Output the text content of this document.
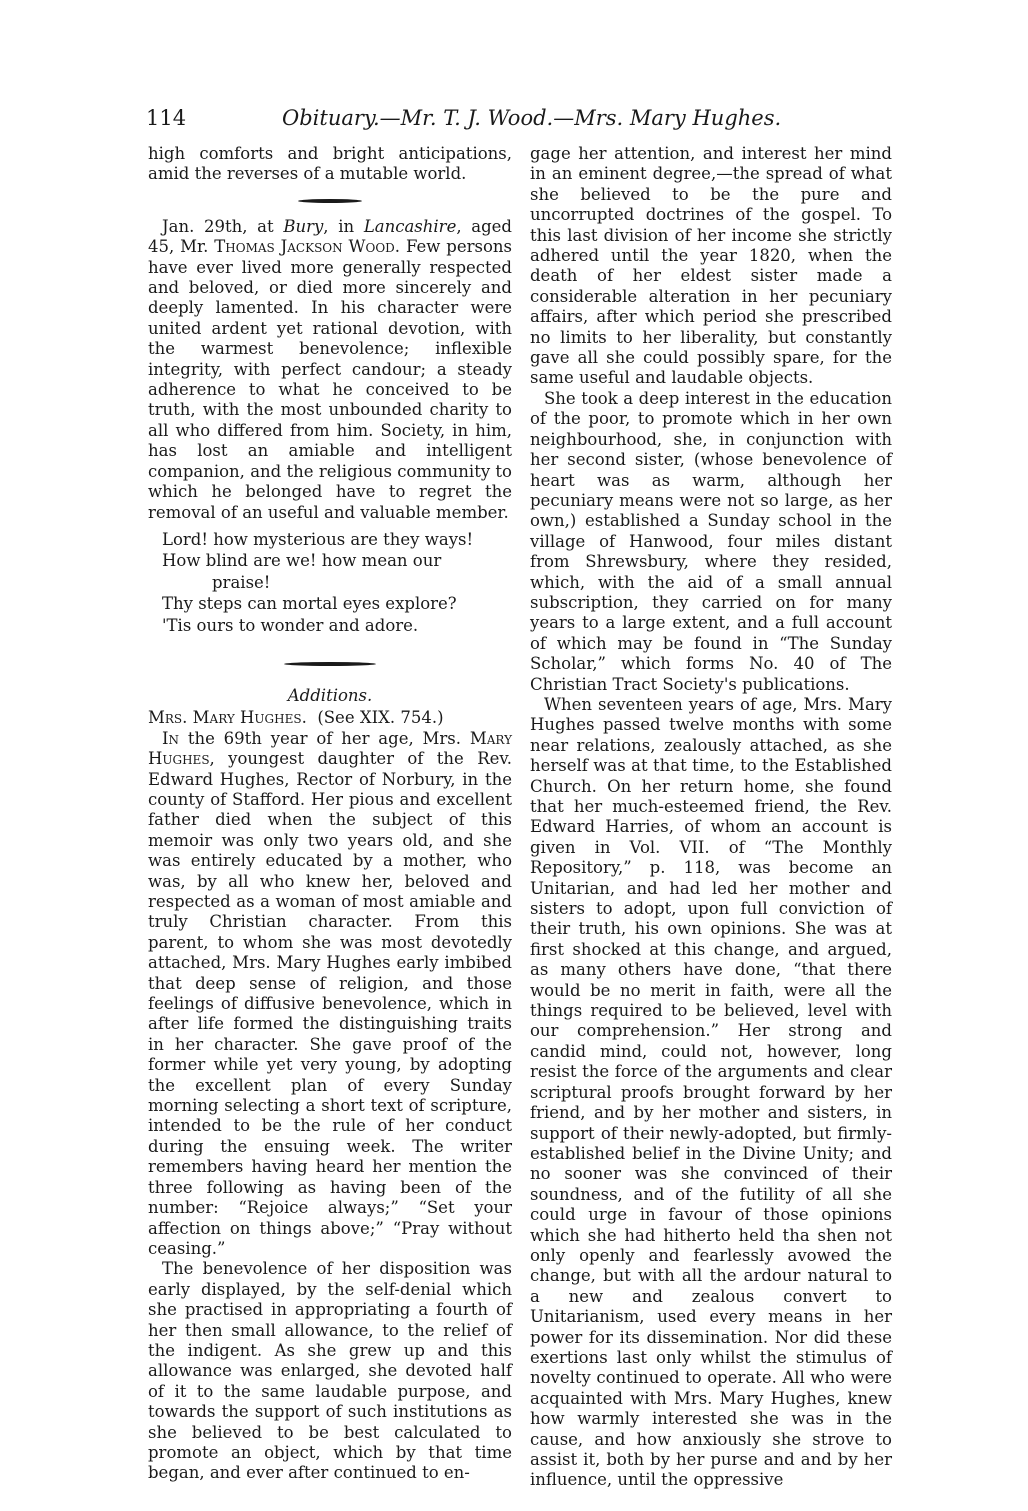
114	Obituary.—Mr. T. J. Wood.—Mrs. Mary Hughes.

high comforts and bright anticipations, amid the reverses of a mutable world.

Jan. 29th, at Bury, in Lancashire, aged 45, Mr. Thomas Jackson Wood. Few persons have ever lived more generally respected and beloved, or died more sincerely and deeply lamented. In his character were united ardent yet rational devotion, with the warmest benevolence; inflexible integrity, with perfect candour; a steady adherence to what he conceived to be truth, with the most unbounded charity to all who differed from him. Society, in him, has lost an amiable and intelligent companion, and the religious community to which he belonged have to regret the removal of an useful and valuable member.

Lord! how mysterious are they ways!
How blind are we! how mean our
praise!
Thy steps can mortal eyes explore?
'Tis ours to wonder and adore.
Additions.

Mrs. Mary Hughes. (See XIX. 754.)

In the 69th year of her age, Mrs. Mary Hughes, youngest daughter of the Rev. Edward Hughes, Rector of Norbury, in the county of Stafford. Her pious and excellent father died when the subject of this memoir was only two years old, and she was entirely educated by a mother, who was, by all who knew her, beloved and respected as a woman of most amiable and truly Christian character. From this parent, to whom she was most devotedly attached, Mrs. Mary Hughes early imbibed that deep sense of religion, and those feelings of diffusive benevolence, which in after life formed the distinguishing traits in her character. She gave proof of the former while yet very young, by adopting the excellent plan of every Sunday morning selecting a short text of scripture, intended to be the rule of her conduct during the ensuing week. The writer remembers having heard her mention the three following as having been of the number: “Rejoice always;” “Set your affection on things above;” “Pray without ceasing.”

The benevolence of her disposition was early displayed, by the self-denial which she practised in appropriating a fourth of her then small allowance, to the relief of the indigent. As she grew up and this allowance was enlarged, she devoted half of it to the same laudable purpose, and towards the support of such institutions as she believed to be best calculated to promote an object, which by that time began, and ever after continued to en-

gage her attention, and interest her mind in an eminent degree,—the spread of what she believed to be the pure and uncorrupted doctrines of the gospel. To this last division of her income she strictly adhered until the year 1820, when the death of her eldest sister made a considerable alteration in her pecuniary affairs, after which period she prescribed no limits to her liberality, but constantly gave all she could possibly spare, for the same useful and laudable objects.

She took a deep interest in the education of the poor, to promote which in her own neighbourhood, she, in conjunction with her second sister, (whose benevolence of heart was as warm, although her pecuniary means were not so large, as her own,) established a Sunday school in the village of Hanwood, four miles distant from Shrewsbury, where they resided, which, with the aid of a small annual subscription, they carried on for many years to a large extent, and a full account of which may be found in “The Sunday Scholar,” which forms No. 40 of The Christian Tract Society's publications.

When seventeen years of age, Mrs. Mary Hughes passed twelve months with some near relations, zealously attached, as she herself was at that time, to the Established Church. On her return home, she found that her much-esteemed friend, the Rev. Edward Harries, of whom an account is given in Vol. VII. of “The Monthly Repository,” p. 118, was become an Unitarian, and had led her mother and sisters to adopt, upon full conviction of their truth, his own opinions. She was at first shocked at this change, and argued, as many others have done, “that there would be no merit in faith, were all the things required to be believed, level with our comprehension.” Her strong and candid mind, could not, however, long resist the force of the arguments and clear scriptural proofs brought forward by her friend, and by her mother and sisters, in support of their newly-adopted, but firmly-established belief in the Divine Unity; and no sooner was she convinced of their soundness, and of the futility of all she could urge in favour of those opinions which she had hitherto held tha shen not only openly and fearlessly avowed the change, but with all the ardour natural to a new and zealous convert to Unitarianism, used every means in her power for its dissemination. Nor did these exertions last only whilst the stimulus of novelty continued to operate. All who were acquainted with Mrs. Mary Hughes, knew how warmly interested she was in the cause, and how anxiously she strove to assist it, both by her purse and and by her influence, until the oppressive
